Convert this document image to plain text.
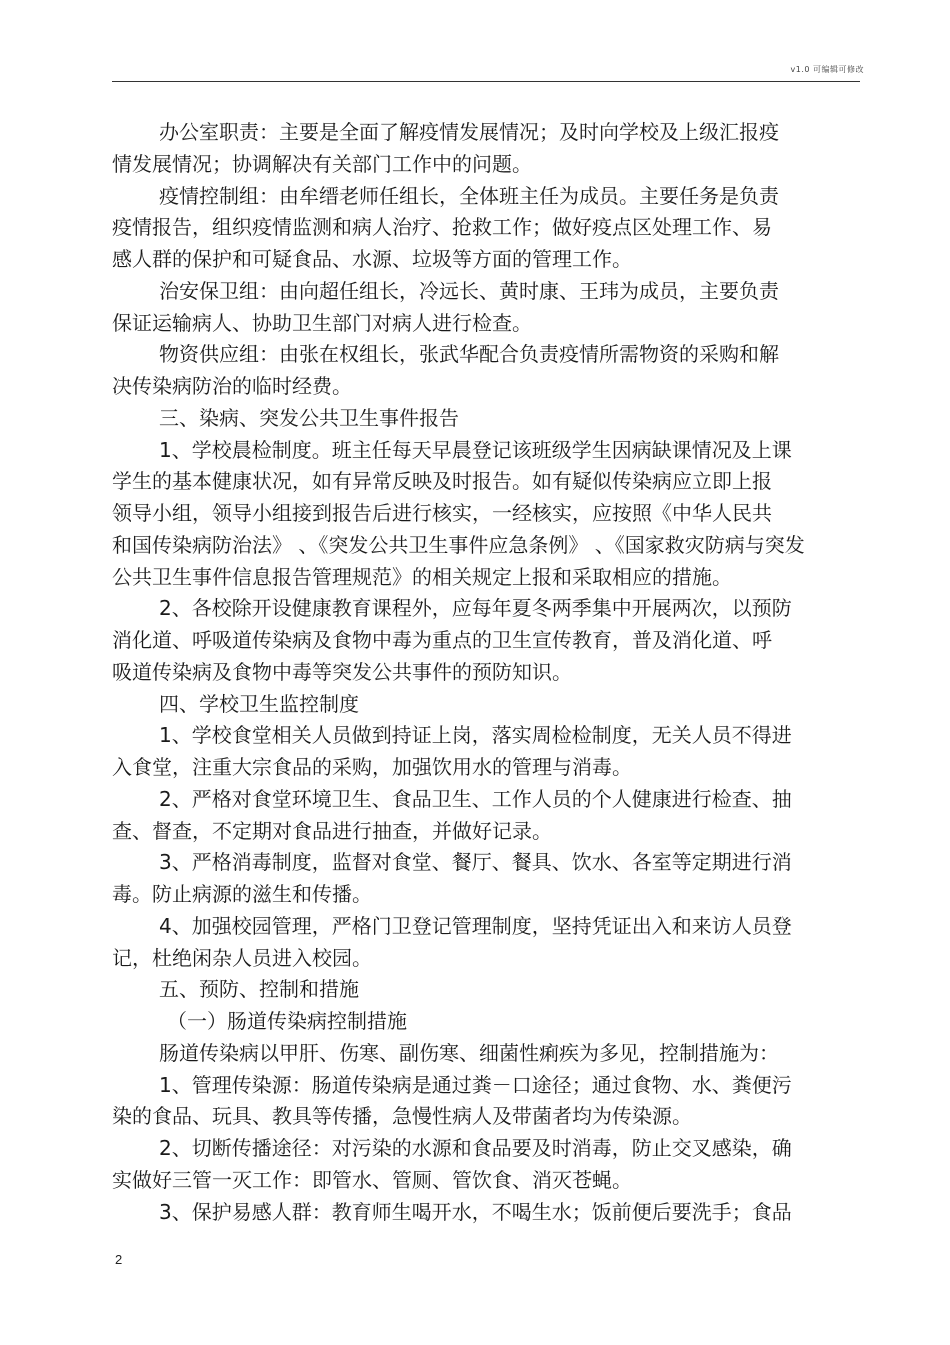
v1.0 可编辑可修改
办公室职责：主要是全面了解疫情发展情况；及时向学校及上级汇报疫
情发展情况；协调解决有关部门工作中的问题。
疫情控制组：由牟缙老师任组长，全体班主任为成员。主要任务是负责
疫情报告，组织疫情监测和病人治疗、抢救工作；做好疫点区处理工作、易
感人群的保护和可疑食品、水源、垃圾等方面的管理工作。
治安保卫组：由向超任组长，冷远长、黄时康、王玮为成员，主要负责
保证运输病人、协助卫生部门对病人进行检查。
物资供应组：由张在权组长，张武华配合负责疫情所需物资的采购和解
决传染病防治的临时经费。
三、染病、突发公共卫生事件报告
1、学校晨检制度。班主任每天早晨登记该班级学生因病缺课情况及上课
学生的基本健康状况，如有异常反映及时报告。如有疑似传染病应立即上报
领导小组，领导小组接到报告后进行核实，一经核实，应按照《中华人民共
和国传染病防治法》 、《突发公共卫生事件应急条例》 、《国家救灾防病与突发
公共卫生事件信息报告管理规范》的相关规定上报和采取相应的措施。
2、各校除开设健康教育课程外，应每年夏冬两季集中开展两次，以预防
消化道、呼吸道传染病及食物中毒为重点的卫生宣传教育，普及消化道、呼
吸道传染病及食物中毒等突发公共事件的预防知识。
四、学校卫生监控制度
1、学校食堂相关人员做到持证上岗，落实周检检制度，无关人员不得进
入食堂，注重大宗食品的采购，加强饮用水的管理与消毒。
2、严格对食堂环境卫生、食品卫生、工作人员的个人健康进行检查、抽
查、督查，不定期对食品进行抽查，并做好记录。
3、严格消毒制度，监督对食堂、餐厅、餐具、饮水、各室等定期进行消
毒。防止病源的滋生和传播。
4、加强校园管理，严格门卫登记管理制度，坚持凭证出入和来访人员登
记，杜绝闲杂人员进入校园。
五、预防、控制和措施
（一）肠道传染病控制措施
肠道传染病以甲肝、伤寒、副伤寒、细菌性痢疾为多见，控制措施为：
1、管理传染源：肠道传染病是通过粪－口途径；通过食物、水、粪便污
染的食品、玩具、教具等传播，急慢性病人及带菌者均为传染源。
2、切断传播途径：对污染的水源和食品要及时消毒，防止交叉感染，确
实做好三管一灭工作：即管水、管厕、管饮食、消灭苍蝇。
3、保护易感人群：教育师生喝开水，不喝生水；饭前便后要洗手；食品
2
